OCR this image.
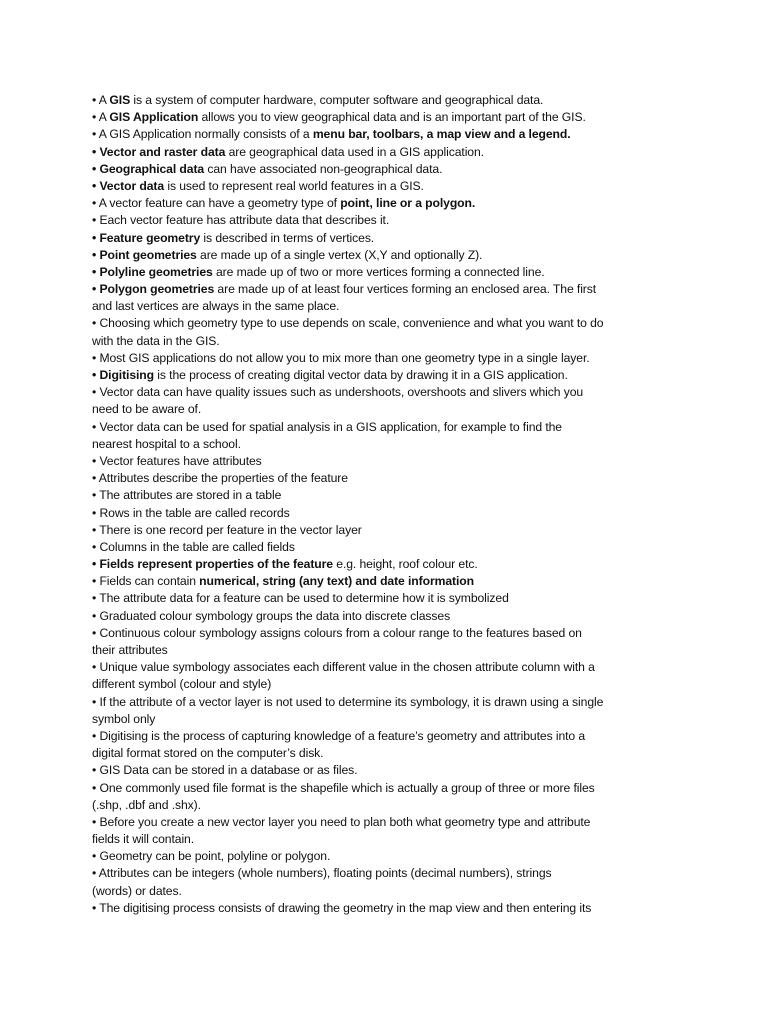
• A GIS is a system of computer hardware, computer software and geographical data.
• A GIS Application allows you to view geographical data and is an important part of the GIS.
• A GIS Application normally consists of a menu bar, toolbars, a map view and a legend.
• Vector and raster data are geographical data used in a GIS application.
• Geographical data can have associated non-geographical data.
• Vector data is used to represent real world features in a GIS.
• A vector feature can have a geometry type of point, line or a polygon.
• Each vector feature has attribute data that describes it.
• Feature geometry is described in terms of vertices.
• Point geometries are made up of a single vertex (X,Y and optionally Z).
• Polyline geometries are made up of two or more vertices forming a connected line.
• Polygon geometries are made up of at least four vertices forming an enclosed area. The first
and last vertices are always in the same place.
• Choosing which geometry type to use depends on scale, convenience and what you want to do
with the data in the GIS.
• Most GIS applications do not allow you to mix more than one geometry type in a single layer.
• Digitising is the process of creating digital vector data by drawing it in a GIS application.
• Vector data can have quality issues such as undershoots, overshoots and slivers which you
need to be aware of.
• Vector data can be used for spatial analysis in a GIS application, for example to find the
nearest hospital to a school.
• Vector features have attributes
• Attributes describe the properties of the feature
• The attributes are stored in a table
• Rows in the table are called records
• There is one record per feature in the vector layer
• Columns in the table are called fields
• Fields represent properties of the feature e.g. height, roof colour etc.
• Fields can contain numerical, string (any text) and date information
• The attribute data for a feature can be used to determine how it is symbolized
• Graduated colour symbology groups the data into discrete classes
• Continuous colour symbology assigns colours from a colour range to the features based on
their attributes
• Unique value symbology associates each different value in the chosen attribute column with a
different symbol (colour and style)
• If the attribute of a vector layer is not used to determine its symbology, it is drawn using a single
symbol only
• Digitising is the process of capturing knowledge of a feature’s geometry and attributes into a
digital format stored on the computer’s disk.
• GIS Data can be stored in a database or as files.
• One commonly used file format is the shapefile which is actually a group of three or more files
(.shp, .dbf and .shx).
• Before you create a new vector layer you need to plan both what geometry type and attribute
fields it will contain.
• Geometry can be point, polyline or polygon.
• Attributes can be integers (whole numbers), floating points (decimal numbers), strings
(words) or dates.
• The digitising process consists of drawing the geometry in the map view and then entering its
